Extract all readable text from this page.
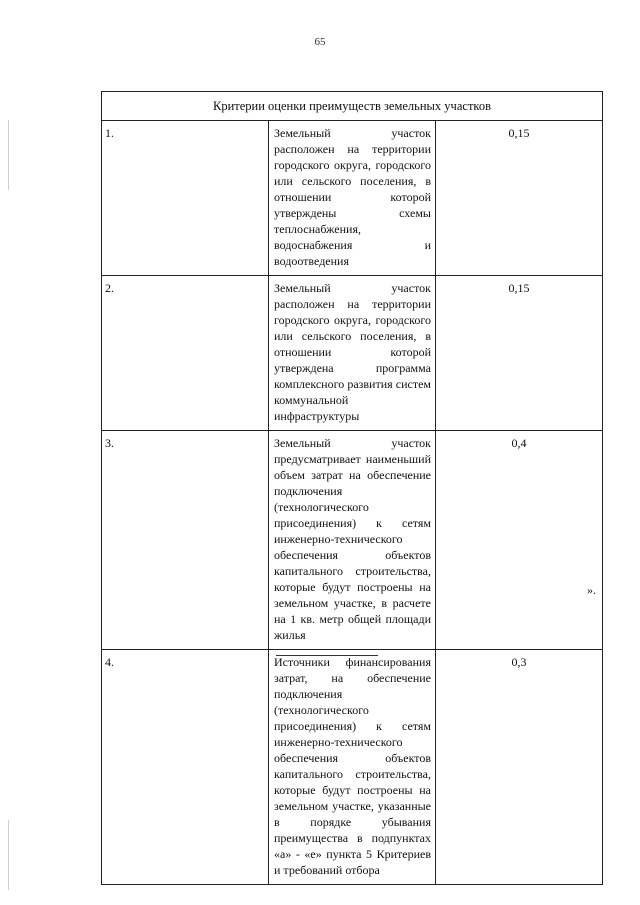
65
Критерии оценки преимуществ земельных участков		
1.	Земельный участок расположен на территории городского округа, городского или сельского поселения, в отношении которой утверждены схемы теплоснабжения, водоснабжения и водоотведения	0,15
2.	Земельный участок расположен на территории городского округа, городского или сельского поселения, в отношении которой утверждена программа комплексного развития систем коммунальной инфраструктуры	0,15
3.	Земельный участок предусматривает наименьший объем затрат на обеспечение подключения (технологического присоединения) к сетям инженерно-технического обеспечения объектов капитального строительства, которые будут построены на земельном участке, в расчете на 1 кв. метр общей площади жилья	0,4
4.	Источники финансирования затрат, на обеспечение подключения (технологического присоединения) к сетям инженерно-технического обеспечения объектов капитального строительства, которые будут построены на земельном участке, указанные в порядке убывания преимущества в подпунктах «а» - «е» пункта 5 Критериев и требований отбора	0,3
».
